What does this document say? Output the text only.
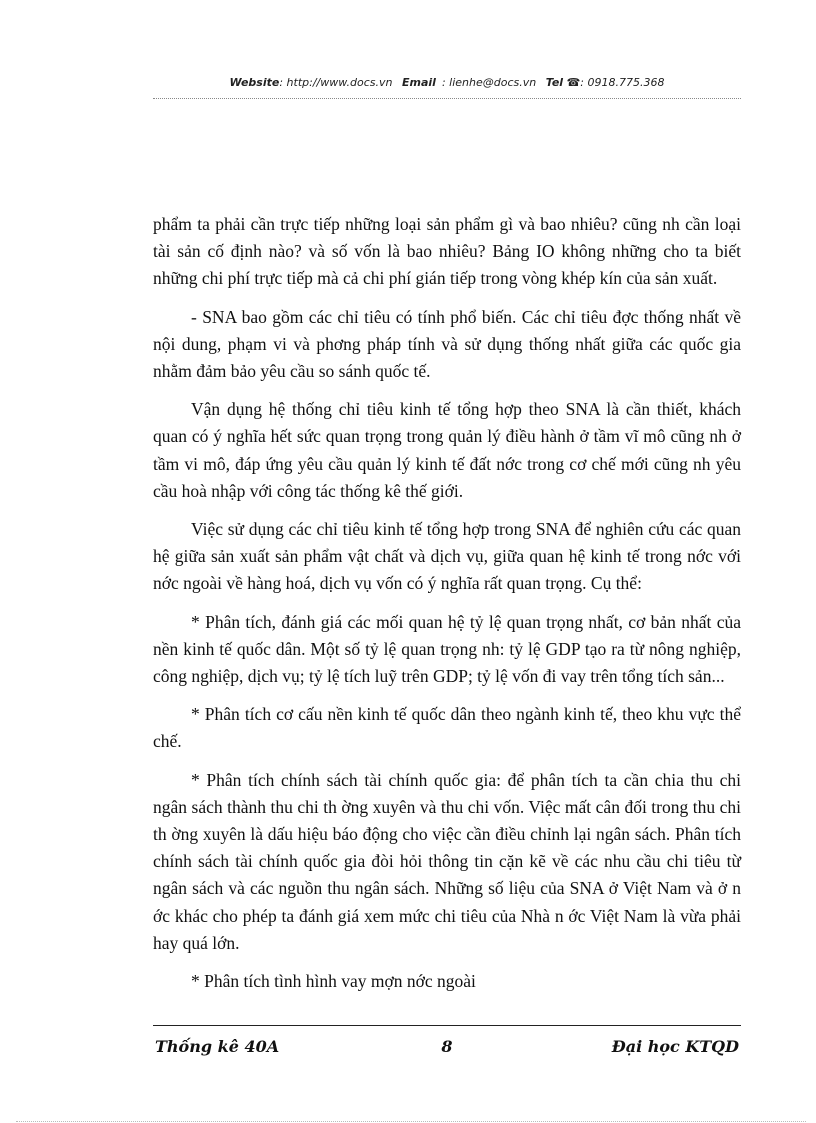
Website: http://www.docs.vn Email : lienhe@docs.vn Tel ☎: 0918.775.368

phẩm ta phải cần trực tiếp những loại sản phẩm gì và bao nhiêu? cũng nh cần loại tài sản cố định nào? và số vốn là bao nhiêu? Bảng IO không những cho ta biết những chi phí trực tiếp mà cả chi phí gián tiếp trong vòng khép kín của sản xuất.

- SNA bao gồm các chỉ tiêu có tính phổ biến. Các chỉ tiêu đợc thống nhất về nội dung, phạm vi và phơng pháp tính và sử dụng thống nhất giữa các quốc gia nhằm đảm bảo yêu cầu so sánh quốc tế.

Vận dụng hệ thống chỉ tiêu kinh tế tổng hợp theo SNA là cần thiết, khách quan có ý nghĩa hết sức quan trọng trong quản lý điều hành ở tầm vĩ mô cũng nh ở tầm vi mô, đáp ứng yêu cầu quản lý kinh tế đất nớc trong cơ chế mới cũng nh yêu cầu hoà nhập với công tác thống kê thế giới.

Việc sử dụng các chỉ tiêu kinh tế tổng hợp trong SNA để nghiên cứu các quan hệ giữa sản xuất sản phẩm vật chất và dịch vụ, giữa quan hệ kinh tế trong nớc với nớc ngoài về hàng hoá, dịch vụ vốn có ý nghĩa rất quan trọng. Cụ thể:

* Phân tích, đánh giá các mối quan hệ tỷ lệ quan trọng nhất, cơ bản nhất của nền kinh tế quốc dân. Một số tỷ lệ quan trọng nh: tỷ lệ GDP tạo ra từ nông nghiệp, công nghiệp, dịch vụ; tỷ lệ tích luỹ trên GDP; tỷ lệ vốn đi vay trên tổng tích sản...

* Phân tích cơ cấu nền kinh tế quốc dân theo ngành kinh tế, theo khu vực thể chế.

* Phân tích chính sách tài chính quốc gia: để phân tích ta cần chia thu chi ngân sách thành thu chi th ờng xuyên và thu chi vốn. Việc mất cân đối trong thu chi th ờng xuyên là dấu hiệu báo động cho việc cần điều chỉnh lại ngân sách. Phân tích chính sách tài chính quốc gia đòi hỏi thông tin cặn kẽ về các nhu cầu chi tiêu từ ngân sách và các nguồn thu ngân sách. Những số liệu của SNA ở Việt Nam và ở n ớc khác cho phép ta đánh giá xem mức chi tiêu của Nhà n ớc Việt Nam là vừa phải hay quá lớn.

* Phân tích tình hình vay mợn nớc ngoài

Thống kê 40A	8	Đại học KTQD
